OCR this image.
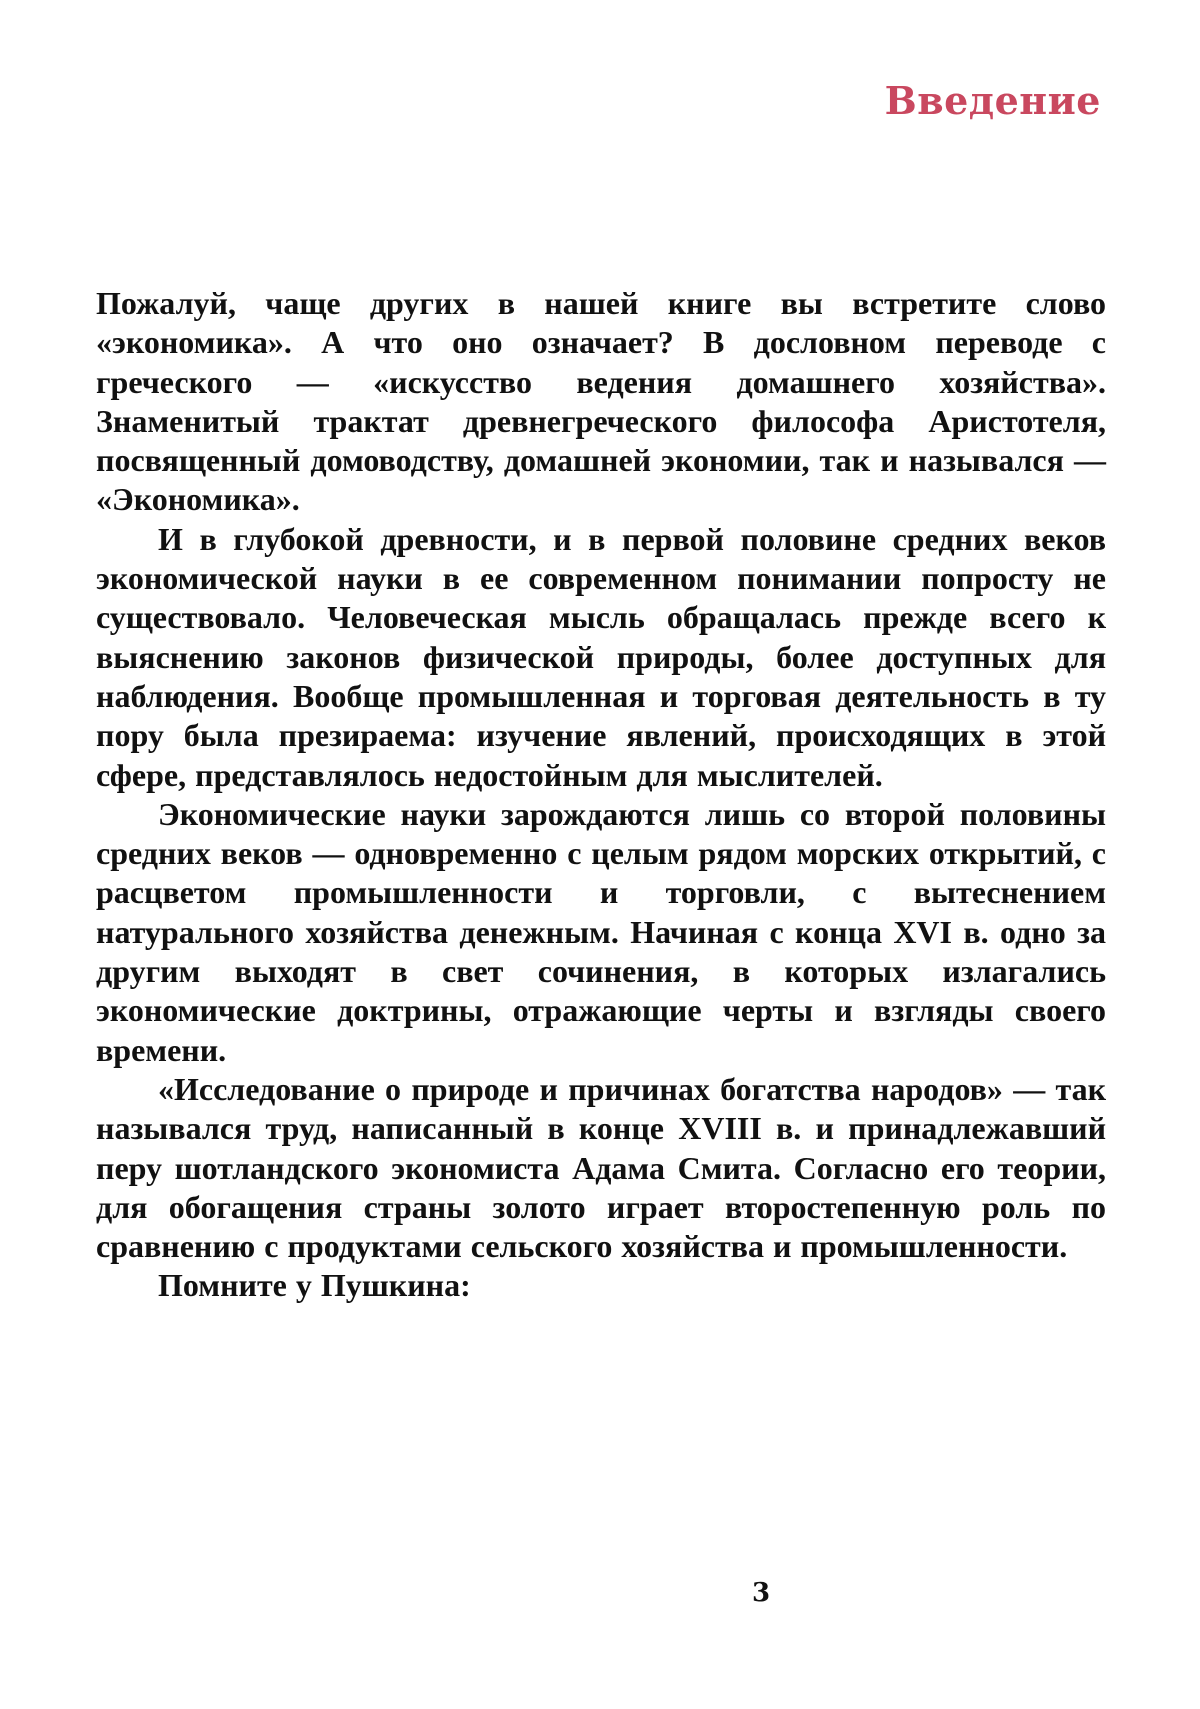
Введение

Пожалуй, чаще других в нашей книге вы встретите слово «экономика». А что оно означает? В дословном переводе с греческого — «искусство ведения домашнего хозяйства». Знаменитый трактат древнегреческого философа Аристотеля, посвященный домоводству, домашней экономии, так и назывался — «Экономика».

И в глубокой древности, и в первой половине средних веков экономической науки в ее современном понимании попросту не существовало. Человеческая мысль обращалась прежде всего к выяснению законов физической природы, более доступных для наблюдения. Вообще промышленная и торговая деятельность в ту пору была презираема: изучение явлений, происходящих в этой сфере, представлялось недостойным для мыслителей.

Экономические науки зарождаются лишь со второй половины средних веков — одновременно с целым рядом морских открытий, с расцветом промышленности и торговли, с вытеснением натурального хозяйства денежным. Начиная с конца XVI в. одно за другим выходят в свет сочинения, в которых излагались экономические доктрины, отражающие черты и взгляды своего времени.

«Исследование о природе и причинах богатства народов» — так назывался труд, написанный в конце XVIII в. и принадлежавший перу шотландского экономиста Адама Смита. Согласно его теории, для обогащения страны золото играет второстепенную роль по сравнению с продуктами сельского хозяйства и промышленности.

Помните у Пушкина:

3
